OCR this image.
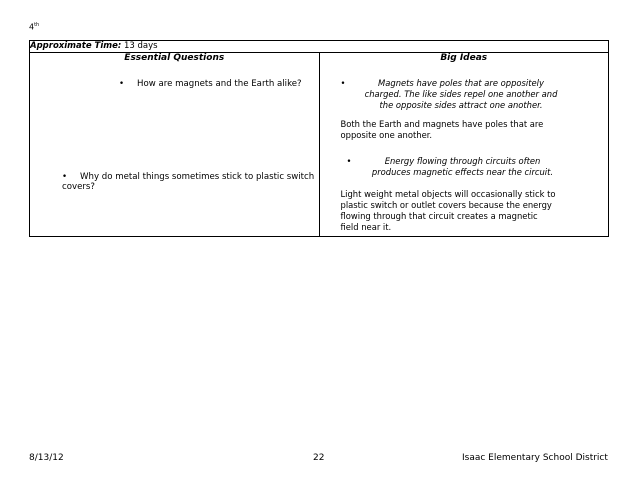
4th
Approximate Time: 13 days

Essential Questions
• How are magnets and the Earth alike?
• Why do metal things sometimes stick to plastic switch covers?

Big Ideas
•	Magnets have poles that are oppositely charged. The like sides repel one another and the opposite sides attract one another.
Both the Earth and magnets have poles that are opposite one another.
•	Energy flowing through circuits often produces magnetic effects near the circuit.
Light weight metal objects will occasionally stick to plastic switch or outlet covers because the energy flowing through that circuit creates a magnetic field near it.
8/13/12	22	Isaac Elementary School District
